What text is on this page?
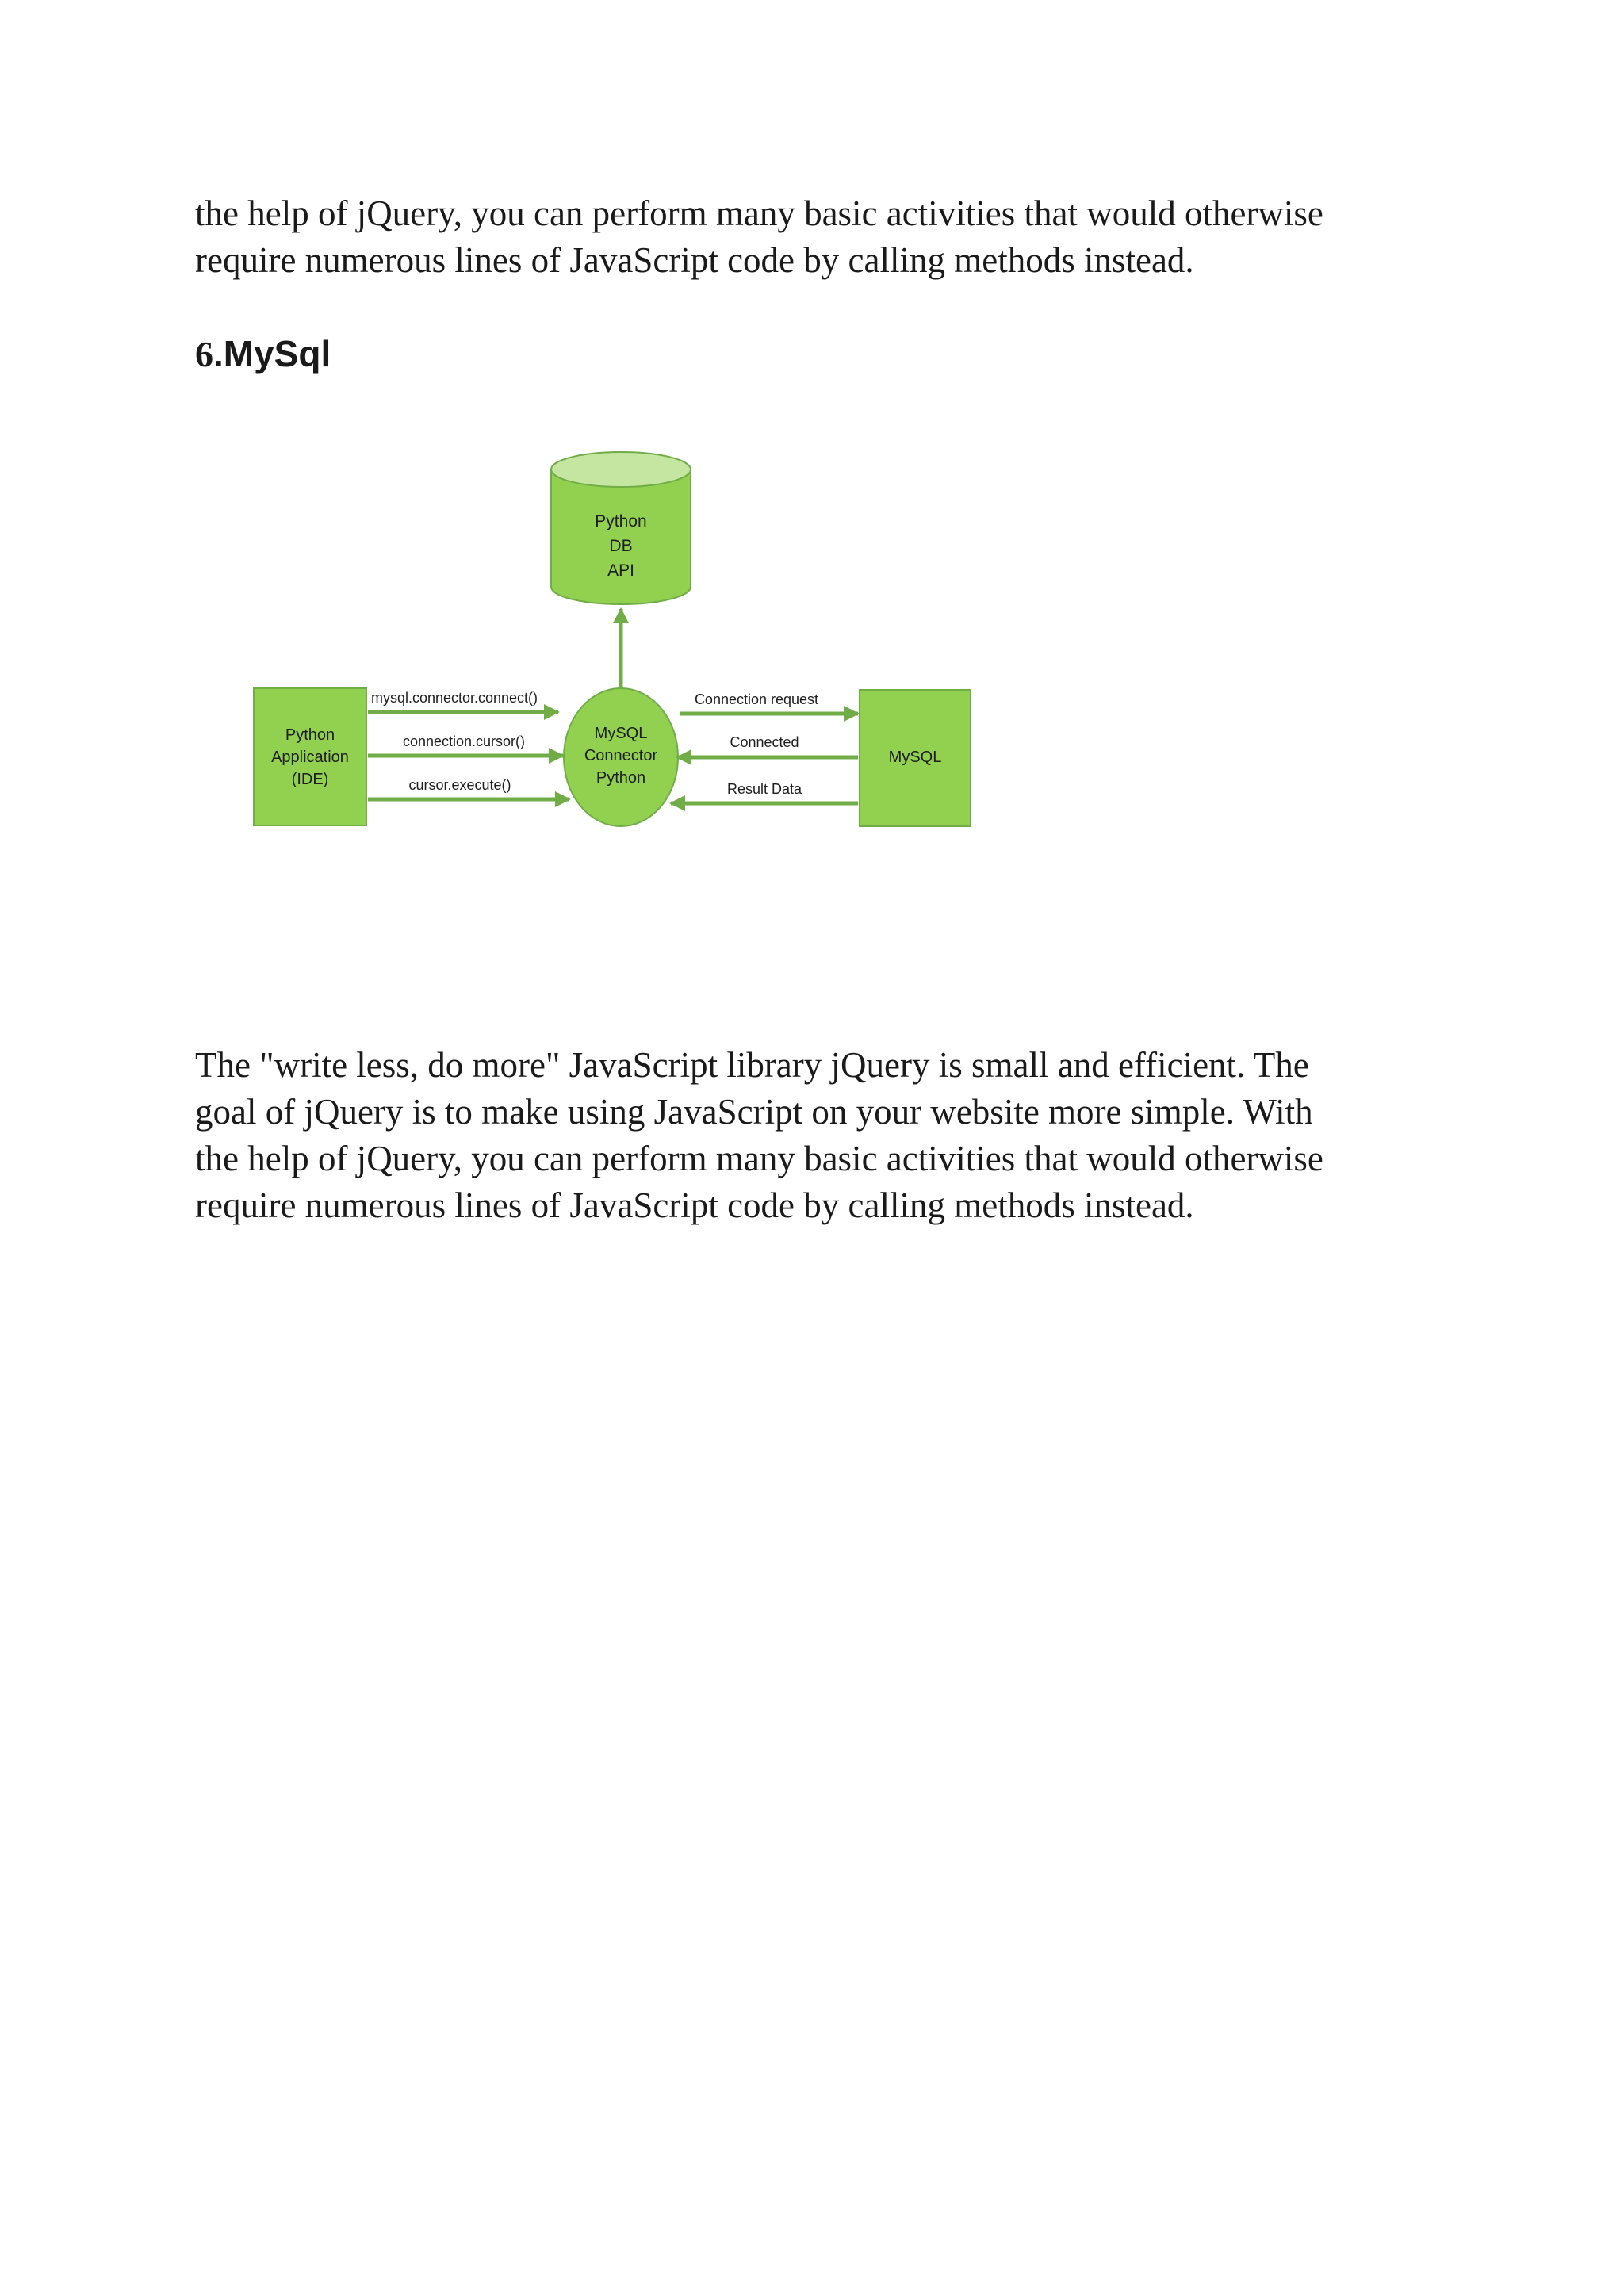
the help of jQuery, you can perform many basic activities that would otherwise
require numerous lines of JavaScript code by calling methods instead.

6.MySql
Python
DB
API
Python
Application
(IDE)
MySQL
Connector
Python
MySQL
mysql.connector.connect()
connection.cursor()
cursor.execute()
Connection request
Connected
Result Data

The "write less, do more" JavaScript library jQuery is small and efficient. The
goal of jQuery is to make using JavaScript on your website more simple. With
the help of jQuery, you can perform many basic activities that would otherwise
require numerous lines of JavaScript code by calling methods instead.
